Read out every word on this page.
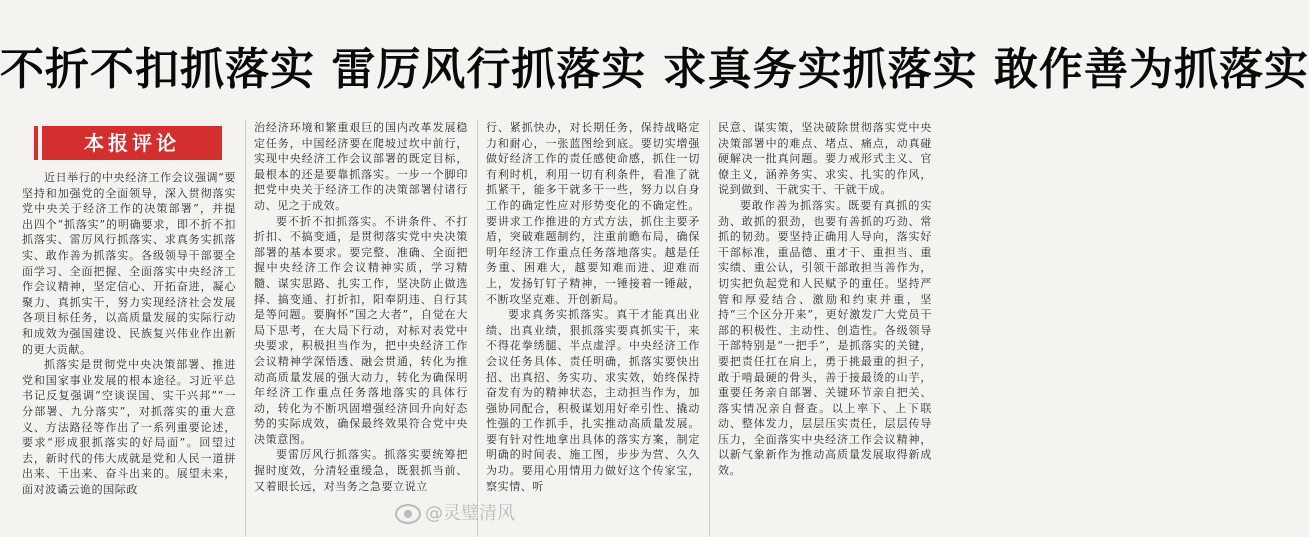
不折不扣抓落实 雷厉风行抓落实 求真务实抓落实 敢作善为抓落实
本报评论

近日举行的中央经济工作会议强调“要坚持和加强党的全面领导，深入贯彻落实党中央关于经济工作的决策部署”，并提出四个“抓落实”的明确要求，即不折不扣抓落实、雷厉风行抓落实、求真务实抓落实、敢作善为抓落实。各级领导干部要全面学习、全面把握、全面落实中央经济工作会议精神，坚定信心、开拓奋进，凝心聚力、真抓实干，努力实现经济社会发展各项目标任务，以高质量发展的实际行动和成效为强国建设、民族复兴伟业作出新的更大贡献。

抓落实是贯彻党中央决策部署、推进党和国家事业发展的根本途径。习近平总书记反复强调“空谈误国、实干兴邦”“一分部署、九分落实”，对抓落实的重大意义、方法路径等作出了一系列重要论述，要求“形成狠抓落实的好局面”。回望过去，新时代的伟大成就是党和人民一道拼出来、干出来、奋斗出来的。展望未来，面对波谲云诡的国际政

治经济环境和繁重艰巨的国内改革发展稳定任务，中国经济要在爬坡过坎中前行，实现中央经济工作会议部署的既定目标，最根本的还是要靠抓落实。一步一个脚印把党中央关于经济工作的决策部署付诸行动、见之于成效。

要不折不扣抓落实。不讲条件、不打折扣、不搞变通，是贯彻落实党中央决策部署的基本要求。要完整、准确、全面把握中央经济工作会议精神实质，学习精髓、谋实思路、扎实工作，坚决防止做选择、搞变通、打折扣，阳奉阴违、自行其是等问题。要胸怀“国之大者”，自觉在大局下思考，在大局下行动，对标对表党中央要求，积极担当作为，把中央经济工作会议精神学深悟透、融会贯通，转化为推动高质量发展的强大动力，转化为确保明年经济工作重点任务落地落实的具体行动，转化为不断巩固增强经济回升向好态势的实际成效，确保最终效果符合党中央决策意图。

要雷厉风行抓落实。抓落实要统筹把握时度效，分清轻重缓急，既狠抓当前、又着眼长远，对当务之急要立说立

行、紧抓快办，对长期任务，保持战略定力和耐心，一张蓝图绘到底。要切实增强做好经济工作的责任感使命感，抓住一切有利时机，利用一切有利条件，看准了就抓紧干，能多干就多干一些，努力以自身工作的确定性应对形势变化的不确定性。要讲求工作推进的方式方法，抓住主要矛盾，突破难题制约，注重前瞻布局，确保明年经济工作重点任务落地落实。越是任务重、困难大，越要知难而进、迎难而上，发扬钉钉子精神，一锤接着一锤敲，不断攻坚克难、开创新局。

要求真务实抓落实。真干才能真出业绩、出真业绩，狠抓落实要真抓实干，来不得花拳绣腿、半点虚浮。中央经济工作会议任务具体、责任明确，抓落实要快出招、出真招、务实功、求实效，始终保持奋发有为的精神状态，主动担当作为，加强协同配合，积极谋划用好牵引性、撬动性强的工作抓手，扎实推动高质量发展。要有针对性地拿出具体的落实方案，制定明确的时间表、施工图，步步为营、久久为功。要用心用情用力做好这个传家宝，察实情、听

民意、谋实策，坚决破除贯彻落实党中央决策部署中的难点、堵点、痛点，动真碰硬解决一批真问题。要力戒形式主义、官僚主义，涵养务实、求实、扎实的作风，说到做到、干就实干、干就干成。

要敢作善为抓落实。既要有真抓的实劲、敢抓的狠劲，也要有善抓的巧劲、常抓的韧劲。要坚持正确用人导向，落实好干部标准，重品德、重才干、重担当、重实绩、重公认，引领干部敢担当善作为，切实把负起党和人民赋予的重任。坚持严管和厚爱结合、激励和约束并重，坚持“三个区分开来”，更好激发广大党员干部的积极性、主动性、创造性。各级领导干部特别是“一把手”，是抓落实的关键，要把责任扛在肩上，勇于挑最重的担子，敢于啃最硬的骨头，善于接最烫的山芋，重要任务亲自部署、关键环节亲自把关、落实情况亲自督查。以上率下、上下联动、整体发力，层层压实责任，层层传导压力，全面落实中央经济工作会议精神，以新气象新作为推动高质量发展取得新成效。

@灵璧清风
